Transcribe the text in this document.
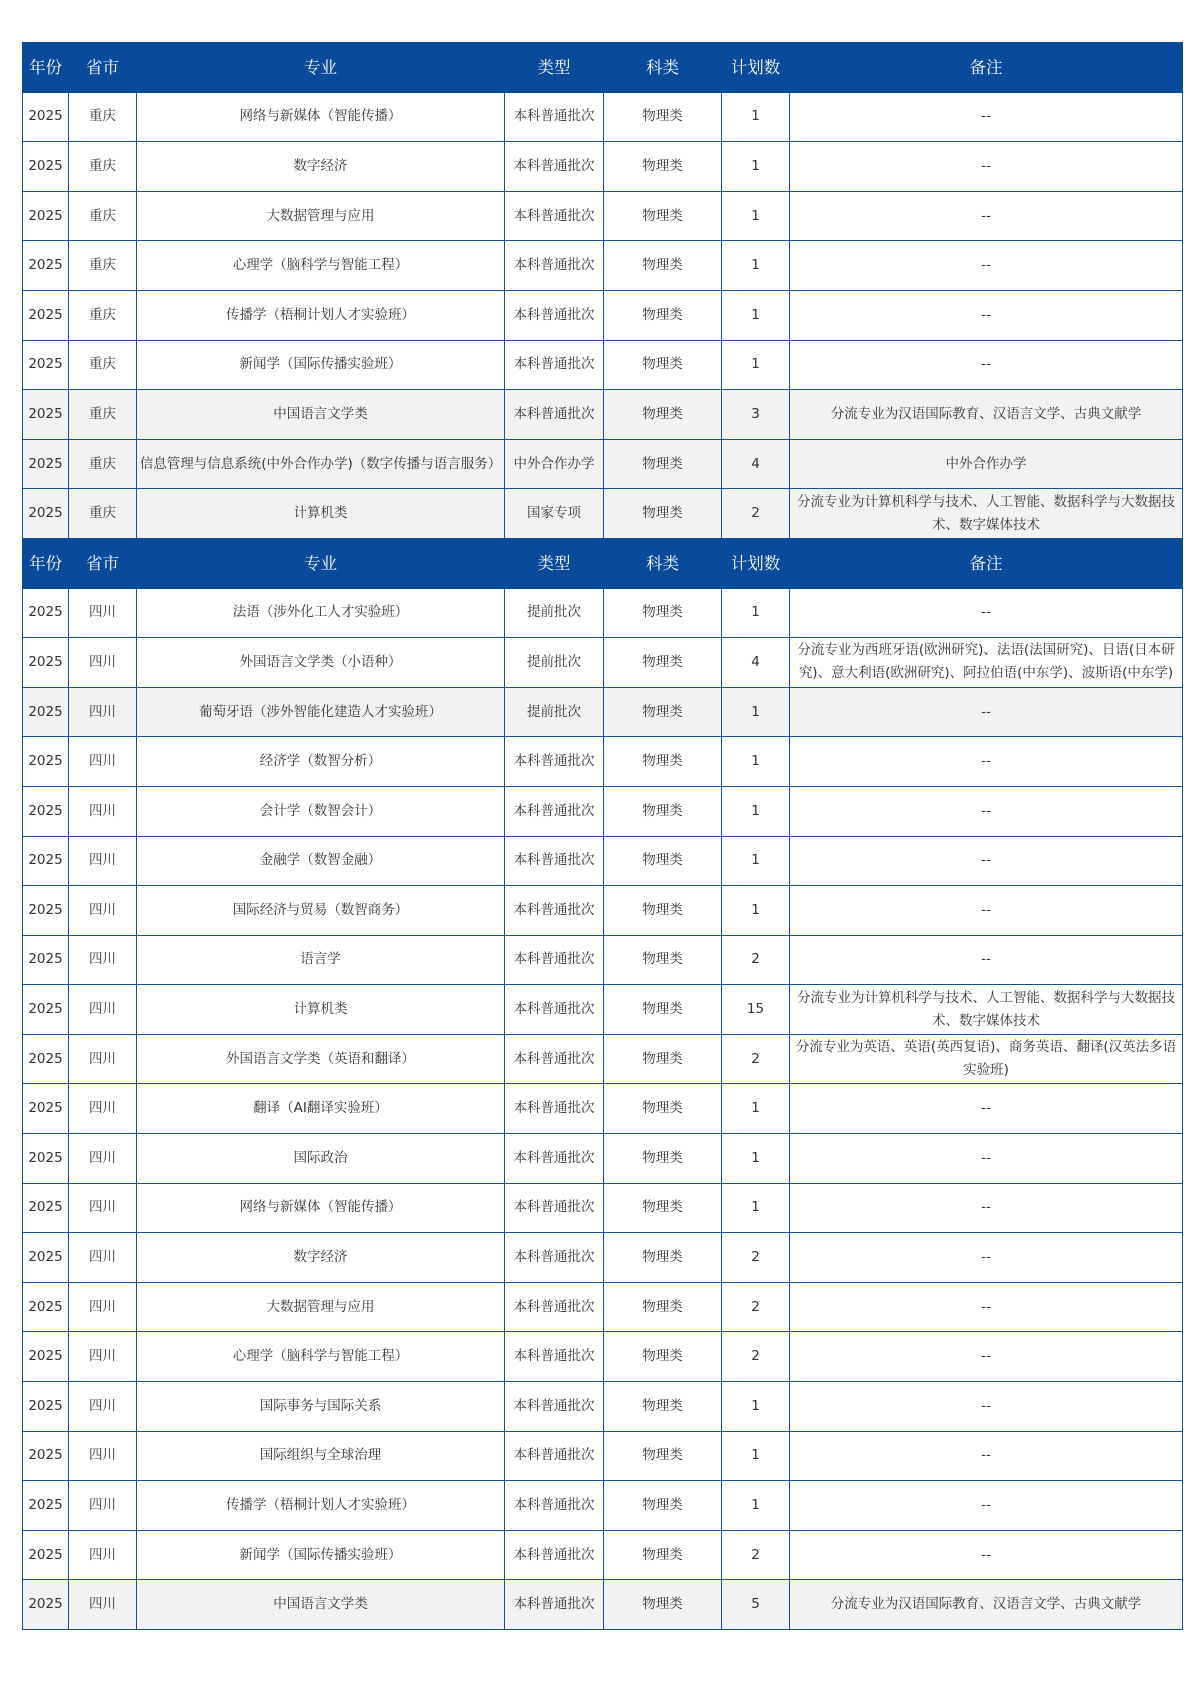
年份	省市	专业	类型	科类	计划数	备注
2025	重庆	网络与新媒体（智能传播）	本科普通批次	物理类	1	--
2025	重庆	数字经济	本科普通批次	物理类	1	--
2025	重庆	大数据管理与应用	本科普通批次	物理类	1	--
2025	重庆	心理学（脑科学与智能工程）	本科普通批次	物理类	1	--
2025	重庆	传播学（梧桐计划人才实验班）	本科普通批次	物理类	1	--
2025	重庆	新闻学（国际传播实验班）	本科普通批次	物理类	1	--
2025	重庆	中国语言文学类	本科普通批次	物理类	3	分流专业为汉语国际教育、汉语言文学、古典文献学
2025	重庆	信息管理与信息系统(中外合作办学)（数字传播与语言服务）	中外合作办学	物理类	4	中外合作办学
2025	重庆	计算机类	国家专项	物理类	2	分流专业为计算机科学与技术、人工智能、数据科学与大数据技术、数字媒体技术
年份	省市	专业	类型	科类	计划数	备注
2025	四川	法语（涉外化工人才实验班）	提前批次	物理类	1	--
2025	四川	外国语言文学类（小语种）	提前批次	物理类	4	分流专业为西班牙语(欧洲研究)、法语(法国研究)、日语(日本研究)、意大利语(欧洲研究)、阿拉伯语(中东学)、波斯语(中东学)
2025	四川	葡萄牙语（涉外智能化建造人才实验班）	提前批次	物理类	1	--
2025	四川	经济学（数智分析）	本科普通批次	物理类	1	--
2025	四川	会计学（数智会计）	本科普通批次	物理类	1	--
2025	四川	金融学（数智金融）	本科普通批次	物理类	1	--
2025	四川	国际经济与贸易（数智商务）	本科普通批次	物理类	1	--
2025	四川	语言学	本科普通批次	物理类	2	--
2025	四川	计算机类	本科普通批次	物理类	15	分流专业为计算机科学与技术、人工智能、数据科学与大数据技术、数字媒体技术
2025	四川	外国语言文学类（英语和翻译）	本科普通批次	物理类	2	分流专业为英语、英语(英西复语)、商务英语、翻译(汉英法多语实验班)
2025	四川	翻译（AI翻译实验班）	本科普通批次	物理类	1	--
2025	四川	国际政治	本科普通批次	物理类	1	--
2025	四川	网络与新媒体（智能传播）	本科普通批次	物理类	1	--
2025	四川	数字经济	本科普通批次	物理类	2	--
2025	四川	大数据管理与应用	本科普通批次	物理类	2	--
2025	四川	心理学（脑科学与智能工程）	本科普通批次	物理类	2	--
2025	四川	国际事务与国际关系	本科普通批次	物理类	1	--
2025	四川	国际组织与全球治理	本科普通批次	物理类	1	--
2025	四川	传播学（梧桐计划人才实验班）	本科普通批次	物理类	1	--
2025	四川	新闻学（国际传播实验班）	本科普通批次	物理类	2	--
2025	四川	中国语言文学类	本科普通批次	物理类	5	分流专业为汉语国际教育、汉语言文学、古典文献学
